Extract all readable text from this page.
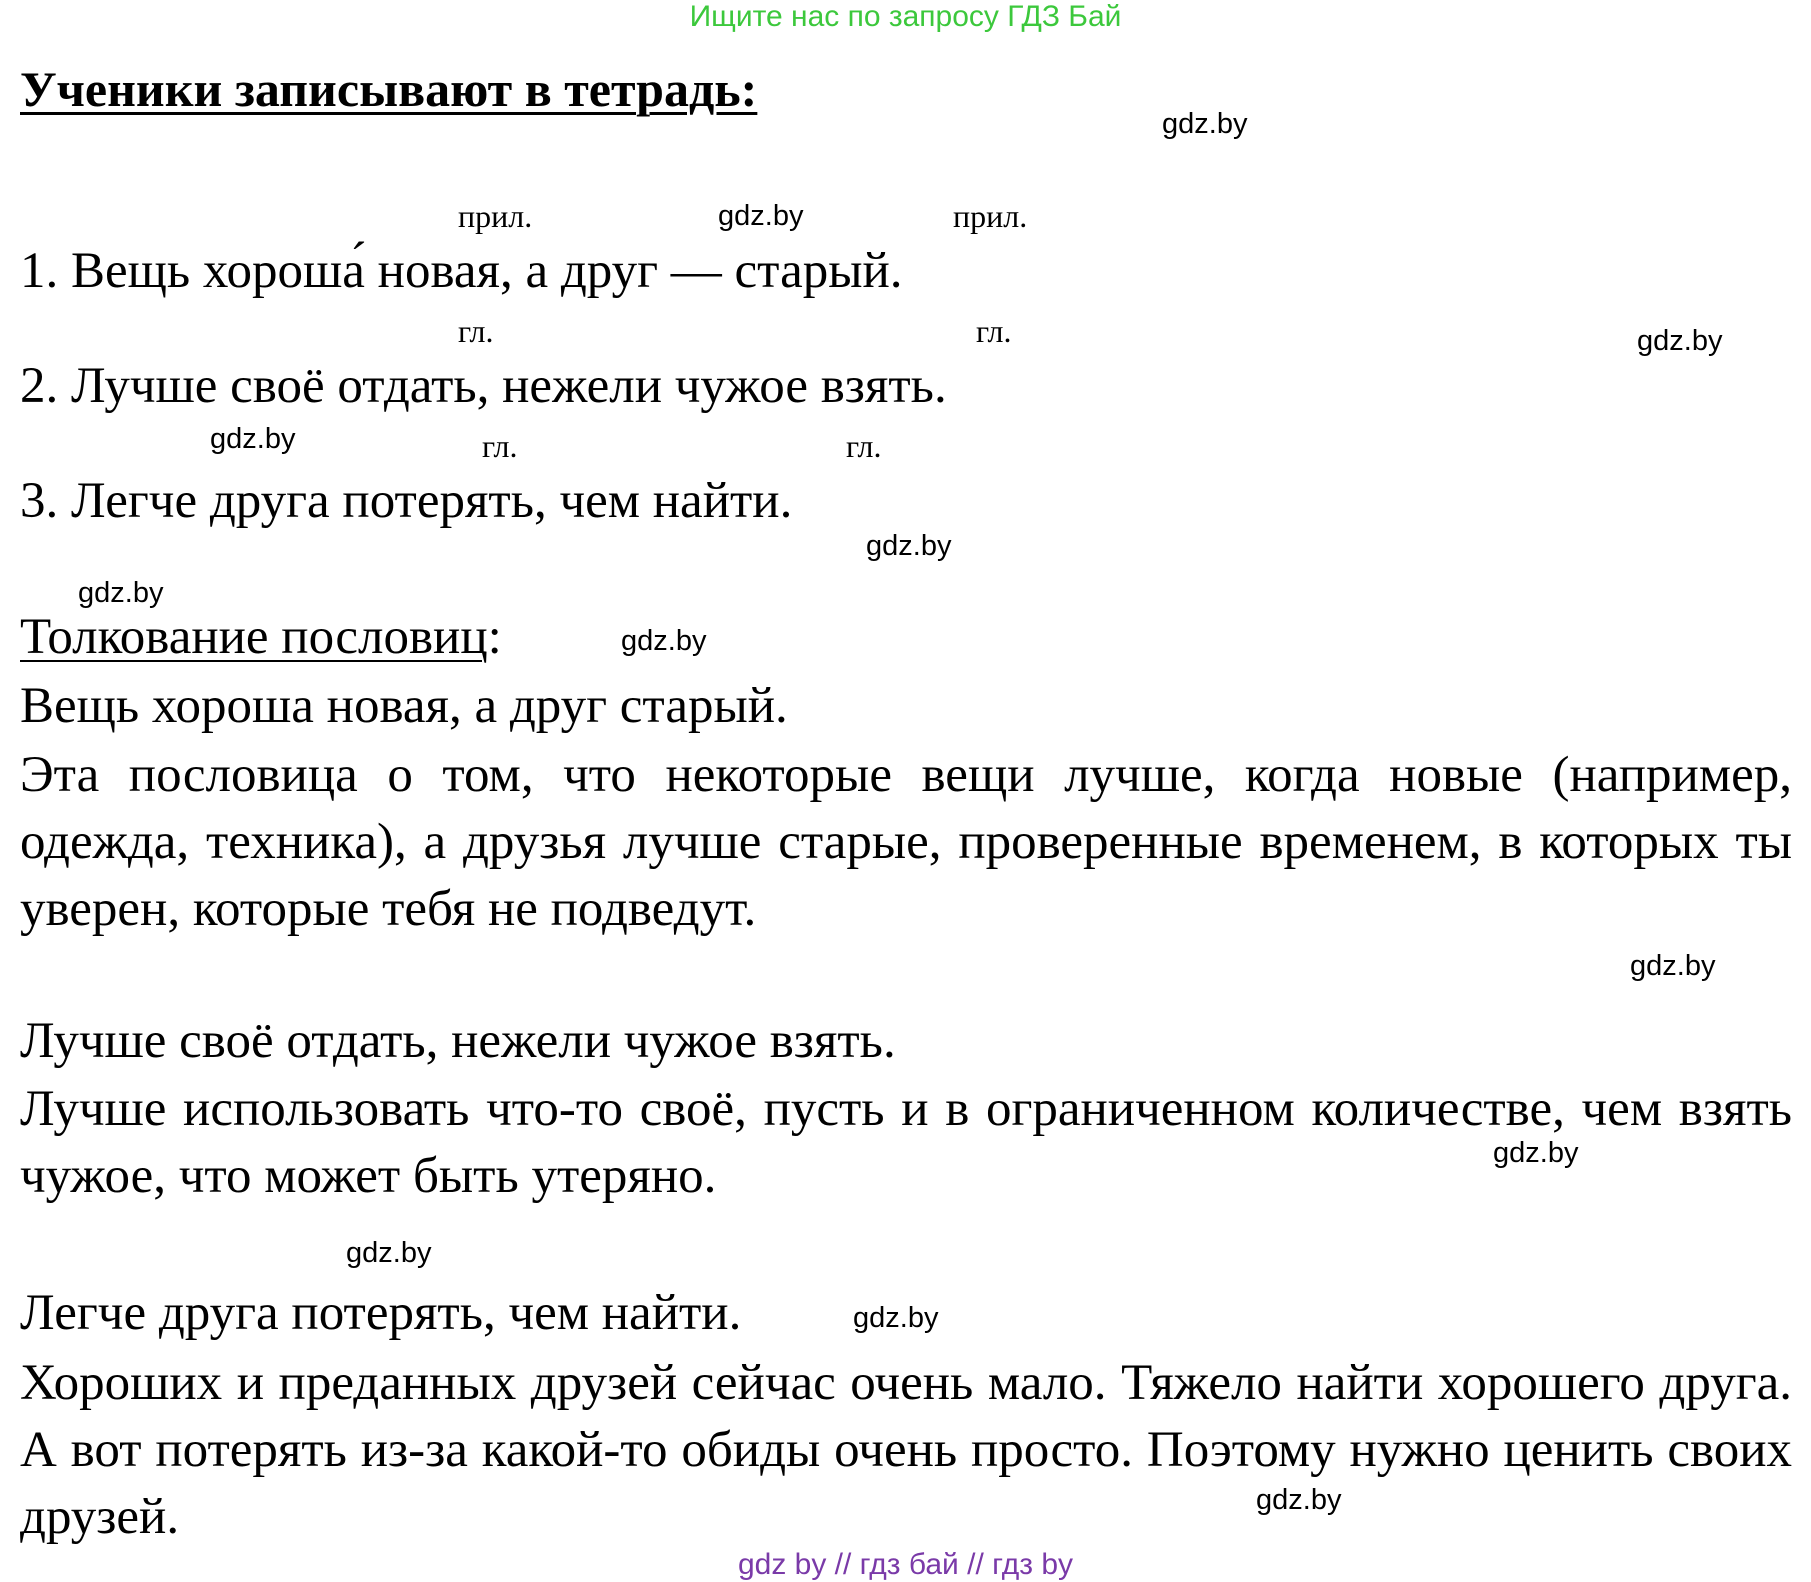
Ищите нас по запросу ГДЗ Бай
Ученики записывают в тетрадь:
gdz.by
gdz.by
gdz.by
gdz.by
gdz.by
gdz.by
gdz.by
gdz.by
gdz.by
gdz.by
gdz.by
gdz.by
прил.	прил.
гл.	гл.
гл.	гл.
1. Вещь хороша́ новая, а друг — старый.
2. Лучше своё отдать, нежели чужое взять.
3. Легче друга потерять, чем найти.
Толкование пословиц:
Вещь хороша новая, а друг старый.
Эта пословица о том, что некоторые вещи лучше, когда новые (например, одежда, техника), а друзья лучше старые, проверенные временем, в которых ты уверен, которые тебя не подведут.
Лучше своё отдать, нежели чужое взять.
Лучше использовать что-то своё, пусть и в ограниченном количестве, чем взять чужое, что может быть утеряно.
Легче друга потерять, чем найти.
Хороших и преданных друзей сейчас очень мало. Тяжело найти хорошего друга. А вот потерять из-за какой-то обиды очень просто. Поэтому нужно ценить своих друзей.
gdz by // гдз бай // гдз by
